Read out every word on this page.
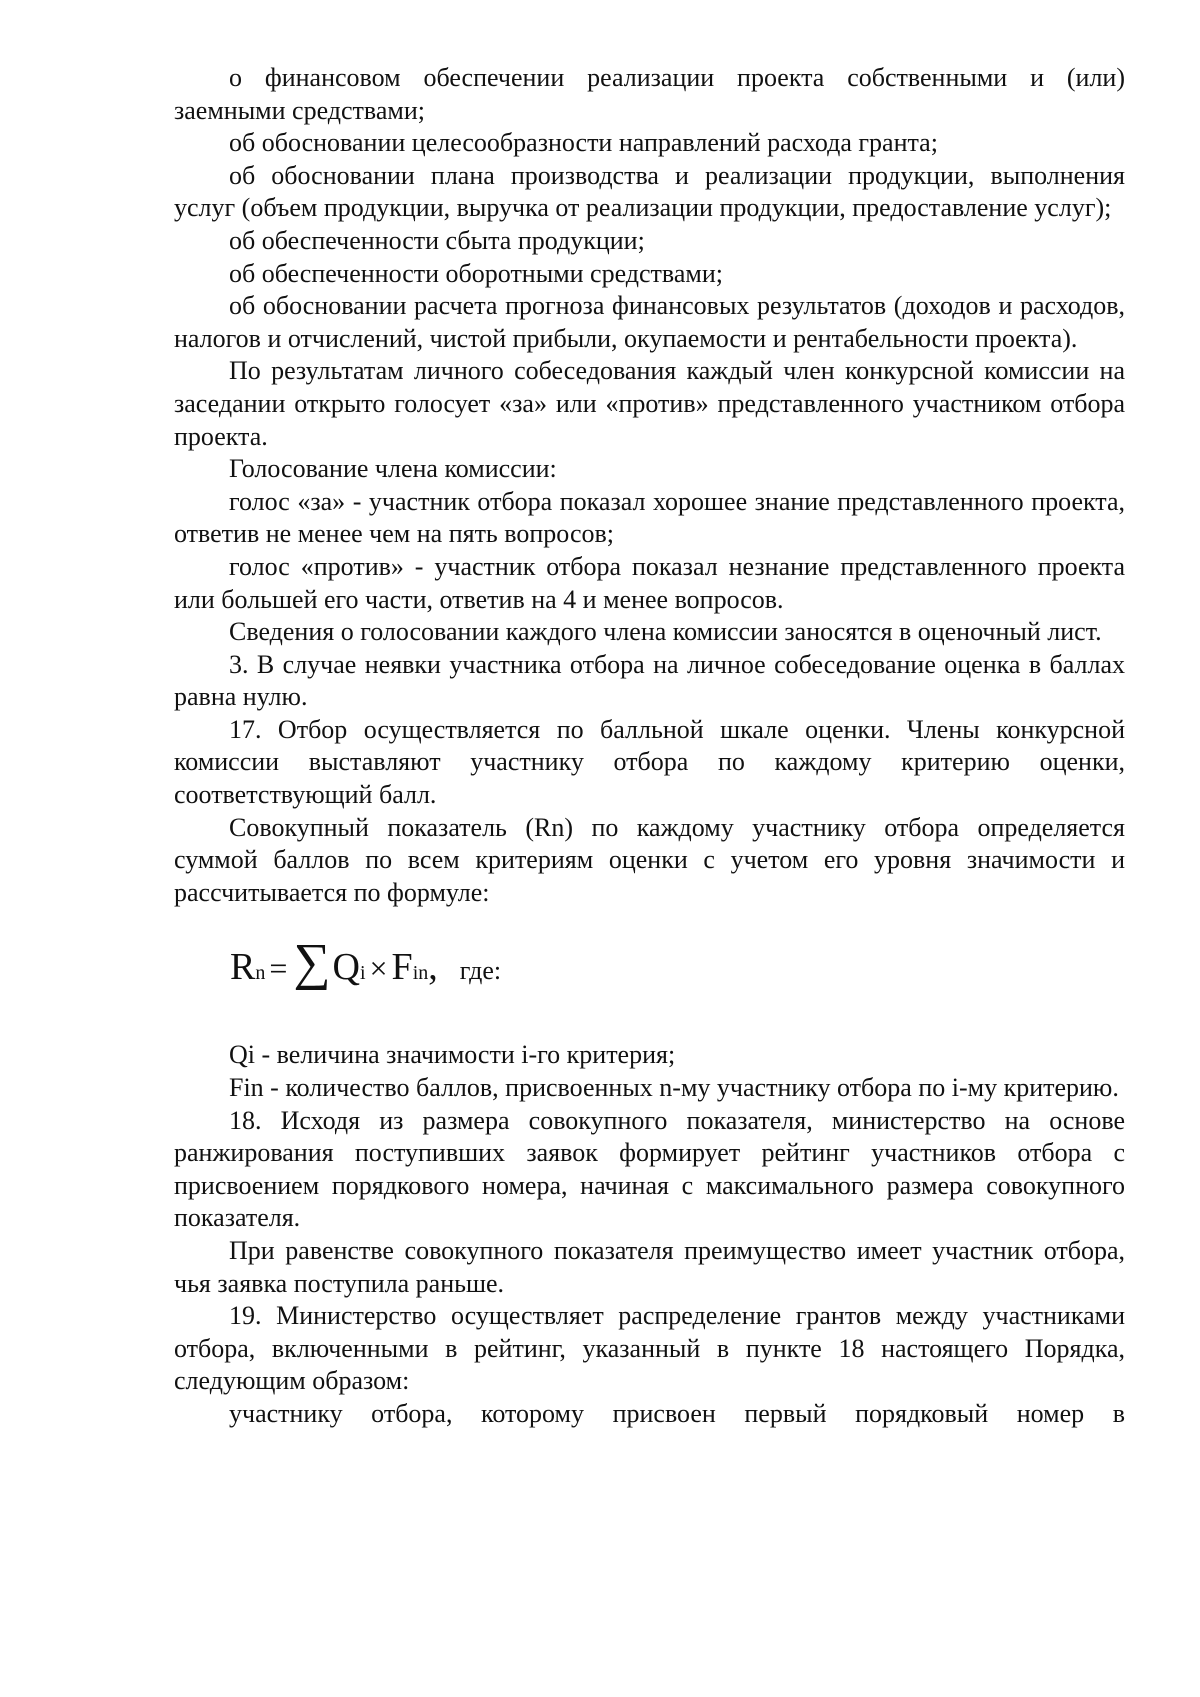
о финансовом обеспечении реализации проекта собственными и (или) заемными средствами;

об обосновании целесообразности направлений расхода гранта;

об обосновании плана производства и реализации продукции, выполнения услуг (объем продукции, выручка от реализации продукции, предоставление услуг);

об обеспеченности сбыта продукции;

об обеспеченности оборотными средствами;

об обосновании расчета прогноза финансовых результатов (доходов и расходов, налогов и отчислений, чистой прибыли, окупаемости и рентабельности проекта).

По результатам личного собеседования каждый член конкурсной комиссии на заседании открыто голосует «за» или «против» представленного участником отбора проекта.

Голосование члена комиссии:

голос «за» - участник отбора показал хорошее знание представленного проекта, ответив не менее чем на пять вопросов;

голос «против» - участник отбора показал незнание представленного проекта или большей его части, ответив на 4 и менее вопросов.

Сведения о голосовании каждого члена комиссии заносятся в оценочный лист.

3. В случае неявки участника отбора на личное собеседование оценка в баллах равна нулю.

17. Отбор осуществляется по балльной шкале оценки. Члены конкурсной комиссии выставляют участнику отбора по каждому критерию оценки, соответствующий балл.

Совокупный показатель (Rn) по каждому участнику отбора определяется суммой баллов по всем критериям оценки с учетом его уровня значимости и рассчитывается по формуле:

R n = ∑ Q i × F in , где:

Qi - величина значимости i-го критерия;

Fin - количество баллов, присвоенных n-му участнику отбора по i-му критерию.

18. Исходя из размера совокупного показателя, министерство на основе ранжирования поступивших заявок формирует рейтинг участников отбора с присвоением порядкового номера, начиная с максимального размера совокупного показателя.

При равенстве совокупного показателя преимущество имеет участник отбора, чья заявка поступила раньше.

19. Министерство осуществляет распределение грантов между участниками отбора, включенными в рейтинг, указанный в пункте 18 настоящего Порядка, следующим образом:

участнику отбора, которому присвоен первый порядковый номер в
